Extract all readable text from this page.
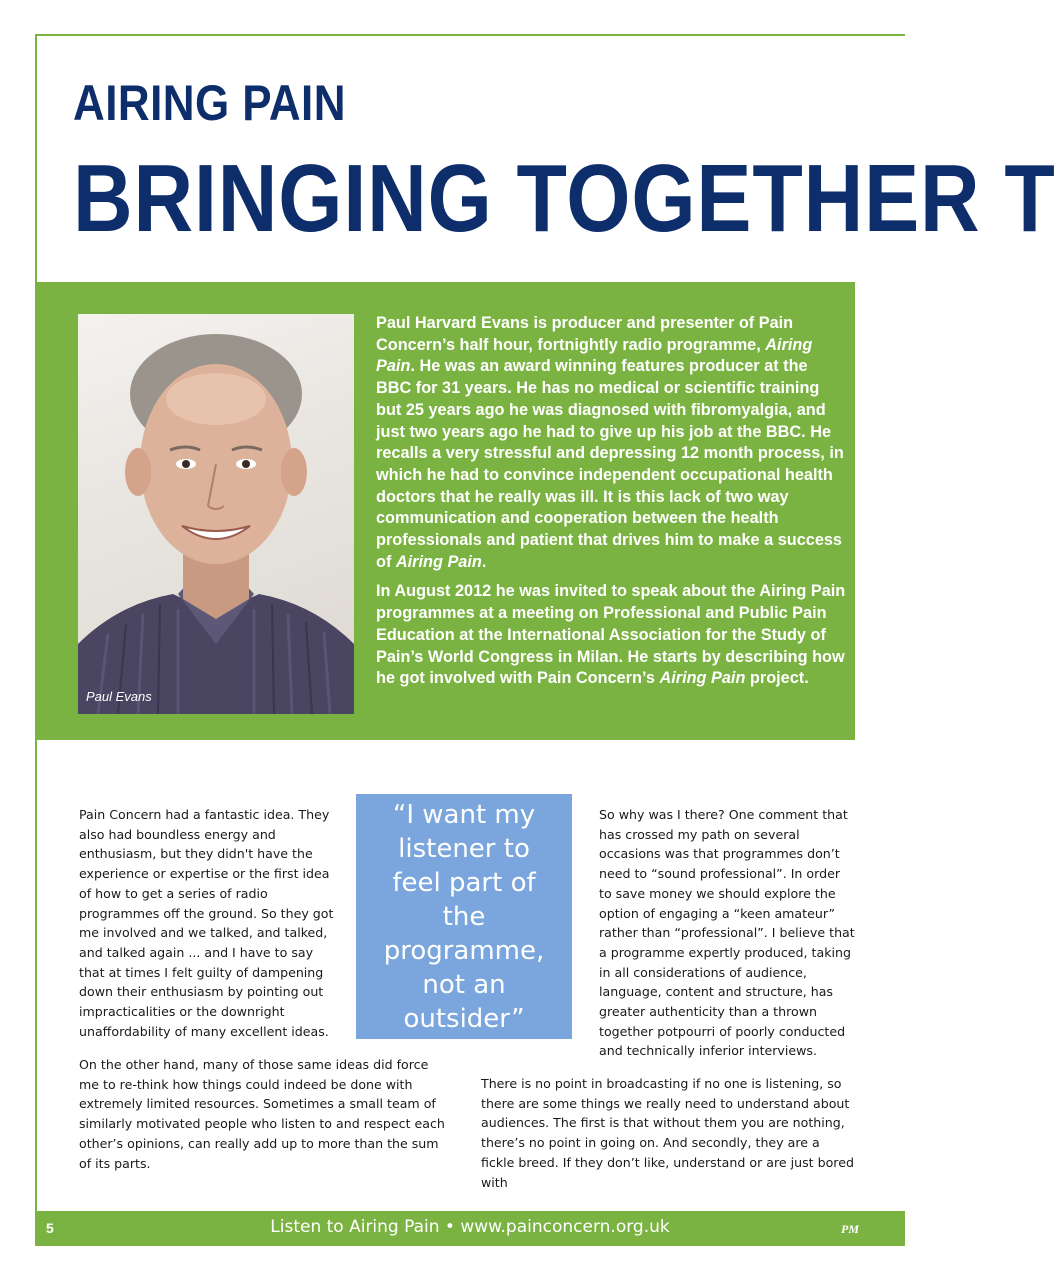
AIRING PAIN
BRINGING TOGETHER T
Paul Evans

Paul Harvard Evans is producer and presenter of Pain Concern’s half hour, fortnightly radio programme, Airing Pain. He was an award winning features producer at the BBC for 31 years. He has no medical or scientific training but 25 years ago he was diagnosed with fibromyalgia, and just two years ago he had to give up his job at the BBC. He recalls a very stressful and depressing 12 month process, in which he had to convince independent occupational health doctors that he really was ill. It is this lack of two way communication and cooperation between the health professionals and patient that drives him to make a success of Airing Pain.

In August 2012 he was invited to speak about the Airing Pain programmes at a meeting on Professional and Public Pain Education at the International Association for the Study of Pain’s World Congress in Milan. He starts by describing how he got involved with Pain Concern’s Airing Pain project.

Pain Concern had a fantastic idea. They also had boundless energy and enthusiasm, but they didn't have the experience or expertise or the first idea of how to get a series of radio programmes off the ground. So they got me involved and we talked, and talked, and talked again ... and I have to say that at times I felt guilty of dampening down their enthusiasm by pointing out impracticalities or the downright unaffordability of many excellent ideas.
On the other hand, many of those same ideas did force me to re-think how things could indeed be done with extremely limited resources. Sometimes a small team of similarly motivated people who listen to and respect each other’s opinions, can really add up to more than the sum of its parts.
“I want my listener to feel part of the programme, not an outsider”
So why was I there? One comment that has crossed my path on several occasions was that programmes don’t need to “sound professional”. In order to save money we should explore the option of engaging a “keen amateur” rather than “professional”. I believe that a programme expertly produced, taking in all considerations of audience, language, content and structure, has greater authenticity than a thrown together potpourri of poorly conducted and technically inferior interviews.
There is no point in broadcasting if no one is listening, so there are some things we really need to understand about audiences. The first is that without them you are nothing, there’s no point in going on. And secondly, they are a fickle breed. If they don’t like, understand or are just bored with
5	Listen to Airing Pain • www.painconcern.org.uk	PM
